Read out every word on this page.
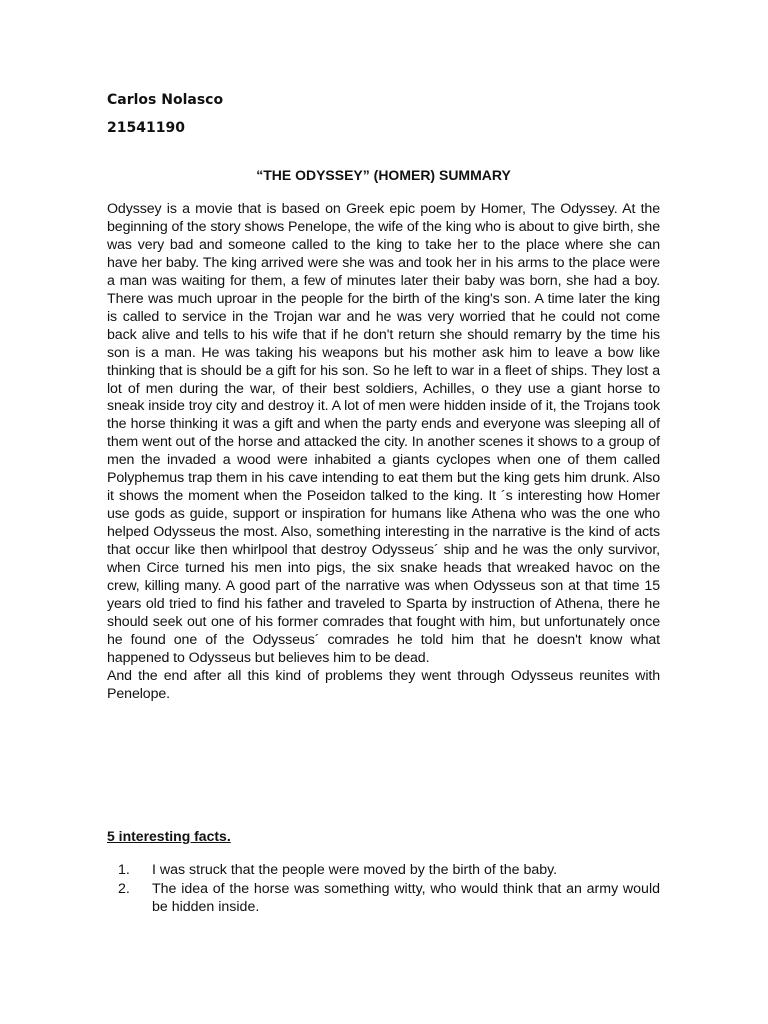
Carlos Nolasco
21541190
“THE ODYSSEY” (HOMER) SUMMARY

Odyssey is a movie that is based on Greek epic poem by Homer, The Odyssey. At the beginning of the story shows Penelope, the wife of the king who is about to give birth, she was very bad and someone called to the king to take her to the place where she can have her baby. The king arrived were she was and took her in his arms to the place were a man was waiting for them, a few of minutes later their baby was born, she had a boy. There was much uproar in the people for the birth of the king's son. A time later the king is called to service in the Trojan war and he was very worried that he could not come back alive and tells to his wife that if he don't return she should remarry by the time his son is a man. He was taking his weapons but his mother ask him to leave a bow like thinking that is should be a gift for his son. So he left to war in a fleet of ships. They lost a lot of men during the war, of their best soldiers, Achilles, o they use a giant horse to sneak inside troy city and destroy it. A lot of men were hidden inside of it, the Trojans took the horse thinking it was a gift and when the party ends and everyone was sleeping all of them went out of the horse and attacked the city. In another scenes it shows to a group of men the invaded a wood were inhabited a giants cyclopes when one of them called Polyphemus trap them in his cave intending to eat them but the king gets him drunk. Also it shows the moment when the Poseidon talked to the king. It ´s interesting how Homer use gods as guide, support or inspiration for humans like Athena who was the one who helped Odysseus the most. Also, something interesting in the narrative is the kind of acts that occur like then whirlpool that destroy Odysseus´ ship and he was the only survivor, when Circe turned his men into pigs, the six snake heads that wreaked havoc on the crew, killing many. A good part of the narrative was when Odysseus son at that time 15 years old tried to find his father and traveled to Sparta by instruction of Athena, there he should seek out one of his former comrades that fought with him, but unfortunately once he found one of the Odysseus´ comrades he told him that he doesn't know what happened to Odysseus but believes him to be dead.

And the end after all this kind of problems they went through Odysseus reunites with Penelope.

5 interesting facts.
1.	I was struck that the people were moved by the birth of the baby.
2.	The idea of the horse was something witty, who would think that an army would be hidden inside.
